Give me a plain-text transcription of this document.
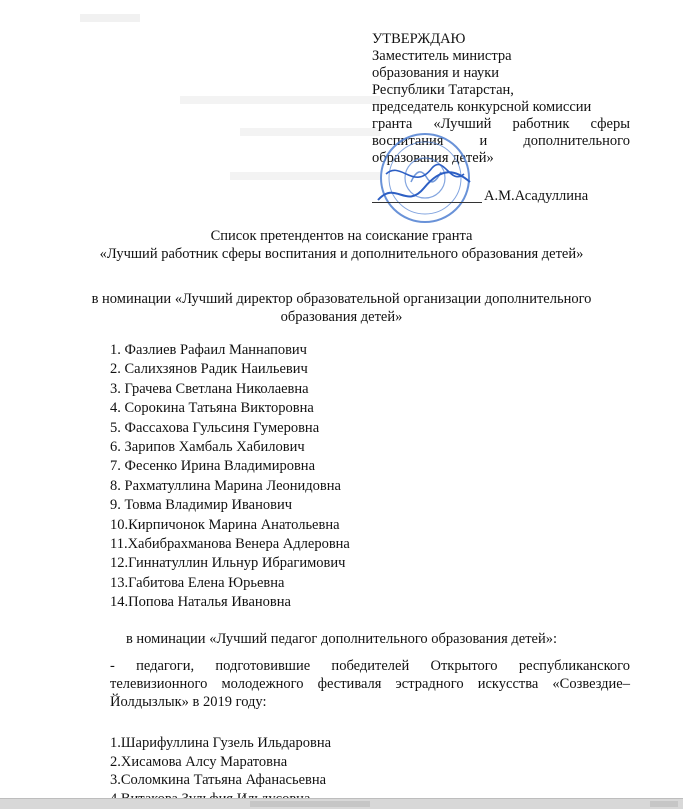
УТВЕРЖДАЮ
Заместитель министра
образования и науки
Республики Татарстан,
председатель конкурсной комиссии
гранта «Лучший работник сферы
воспитания и дополнительного
образования детей»
А.М.Асадуллина
Список претендентов на соискание гранта
«Лучший работник сферы воспитания и дополнительного образования детей»
в номинации «Лучший директор образовательной организации дополнительного
образования детей»
1. Фазлиев Рафаил Маннапович
2. Салихзянов Радик Наильевич
3. Грачева Светлана Николаевна
4. Сорокина Татьяна Викторовна
5. Фассахова Гульсиня Гумеровна
6. Зарипов Хамбаль Хабилович
7. Фесенко Ирина Владимировна
8. Рахматуллина Марина Леонидовна
9. Товма Владимир Иванович
10.Кирпичонок Марина Анатольевна
11.Хабибрахманова Венера Адлеровна
12.Гиннатуллин Ильнур Ибрагимович
13.Габитова Елена Юрьевна
14.Попова Наталья Ивановна
в номинации «Лучший педагог дополнительного образования детей»:
- педагоги, подготовившие победителей Открытого республиканского телевизионного молодежного фестиваля эстрадного искусства «Созвездие–Йолдызлык» в 2019 году:
1.Шарифуллина Гузель Ильдаровна
2.Хисамова Алсу Маратовна
3.Соломкина Татьяна Афанасьевна
